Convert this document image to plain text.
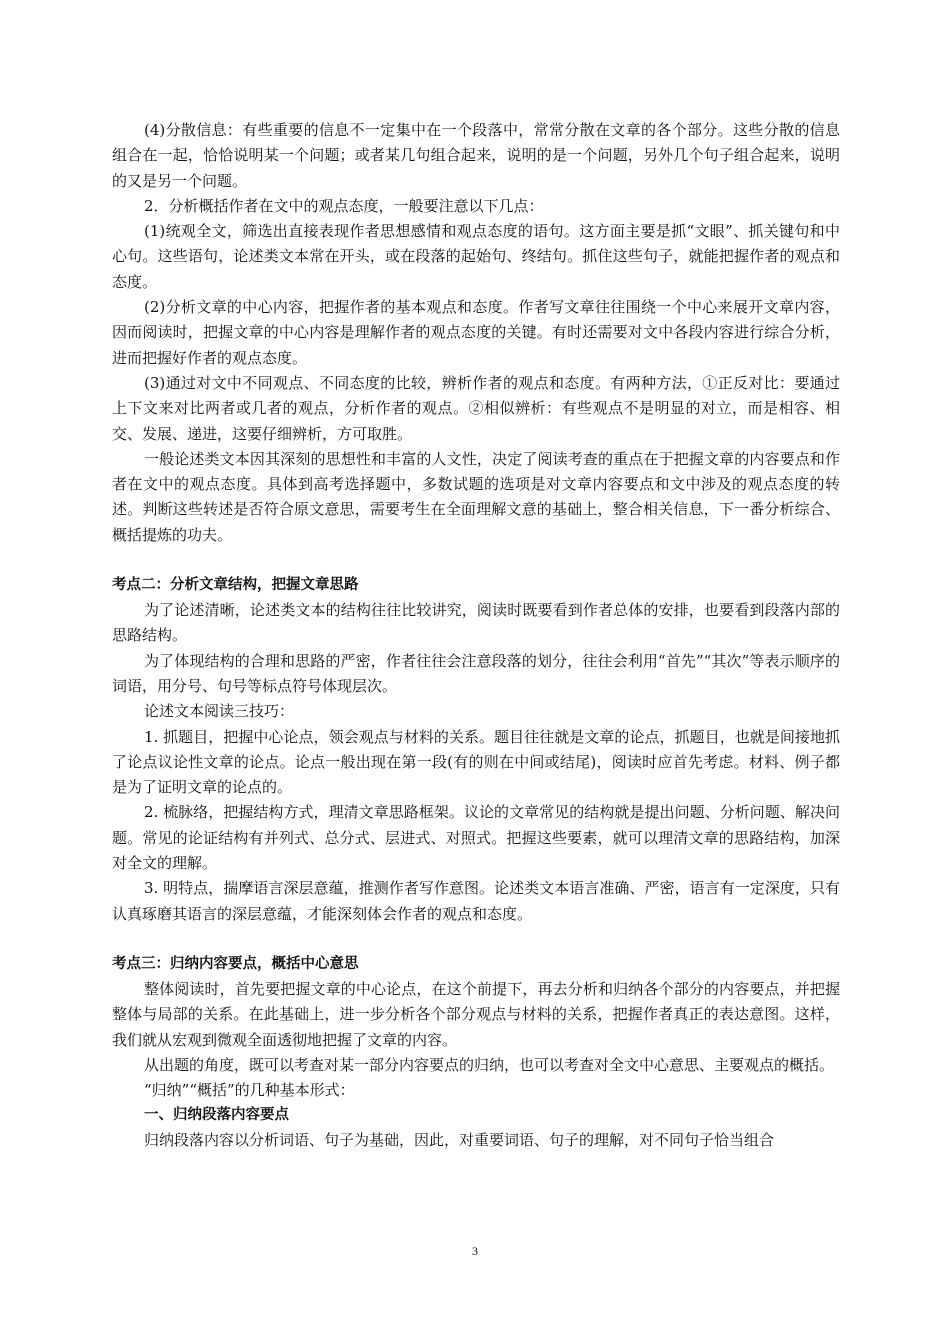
(4)分散信息：有些重要的信息不一定集中在一个段落中，常常分散在文章的各个部分。这些分散的信息组合在一起，恰恰说明某一个问题；或者某几句组合起来，说明的是一个问题，另外几个句子组合起来，说明的又是另一个问题。

2．分析概括作者在文中的观点态度，一般要注意以下几点：

(1)统观全文，筛选出直接表现作者思想感情和观点态度的语句。这方面主要是抓“文眼”、抓关键句和中心句。这些语句，论述类文本常在开头，或在段落的起始句、终结句。抓住这些句子，就能把握作者的观点和态度。

(2)分析文章的中心内容，把握作者的基本观点和态度。作者写文章往往围绕一个中心来展开文章内容，因而阅读时，把握文章的中心内容是理解作者的观点态度的关键。有时还需要对文中各段内容进行综合分析，进而把握好作者的观点态度。

(3)通过对文中不同观点、不同态度的比较，辨析作者的观点和态度。有两种方法，①正反对比：要通过上下文来对比两者或几者的观点，分析作者的观点。②相似辨析：有些观点不是明显的对立，而是相容、相交、发展、递进，这要仔细辨析，方可取胜。

一般论述类文本因其深刻的思想性和丰富的人文性，决定了阅读考查的重点在于把握文章的内容要点和作者在文中的观点态度。具体到高考选择题中，多数试题的选项是对文章内容要点和文中涉及的观点态度的转述。判断这些转述是否符合原文意思，需要考生在全面理解文意的基础上，整合相关信息，下一番分析综合、概括提炼的功夫。

考点二：分析文章结构，把握文章思路

为了论述清晰，论述类文本的结构往往比较讲究，阅读时既要看到作者总体的安排，也要看到段落内部的思路结构。

为了体现结构的合理和思路的严密，作者往往会注意段落的划分，往往会利用“首先”“其次”等表示顺序的词语，用分号、句号等标点符号体现层次。

论述文本阅读三技巧：

1. 抓题目，把握中心论点，领会观点与材料的关系。题目往往就是文章的论点，抓题目，也就是间接地抓了论点议论性文章的论点。论点一般出现在第一段(有的则在中间或结尾)，阅读时应首先考虑。材料、例子都是为了证明文章的论点的。

2. 梳脉络，把握结构方式，理清文章思路框架。议论的文章常见的结构就是提出问题、分析问题、解决问题。常见的论证结构有并列式、总分式、层进式、对照式。把握这些要素，就可以理清文章的思路结构，加深对全文的理解。

3. 明特点，揣摩语言深层意蕴，推测作者写作意图。论述类文本语言准确、严密，语言有一定深度，只有认真琢磨其语言的深层意蕴，才能深刻体会作者的观点和态度。

考点三：归纳内容要点，概括中心意思

整体阅读时，首先要把握文章的中心论点，在这个前提下，再去分析和归纳各个部分的内容要点，并把握整体与局部的关系。在此基础上，进一步分析各个部分观点与材料的关系，把握作者真正的表达意图。这样，我们就从宏观到微观全面透彻地把握了文章的内容。

从出题的角度，既可以考查对某一部分内容要点的归纳，也可以考查对全文中心意思、主要观点的概括。

“归纳”“概括”的几种基本形式：

一、归纳段落内容要点

归纳段落内容以分析词语、句子为基础，因此，对重要词语、句子的理解，对不同句子恰当组合

3
